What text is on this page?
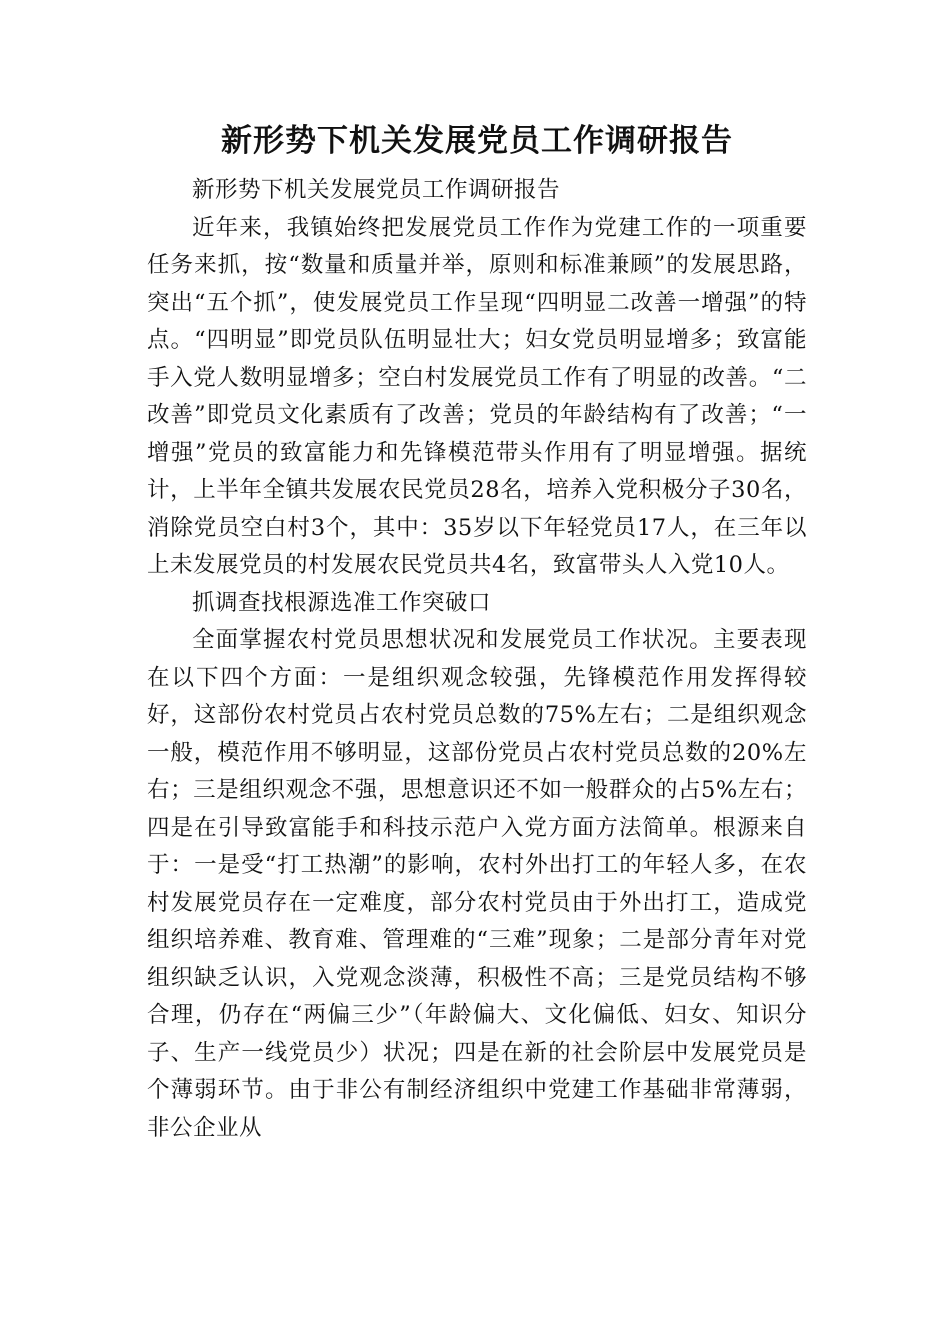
新形势下机关发展党员工作调研报告

新形势下机关发展党员工作调研报告

近年来，我镇始终把发展党员工作作为党建工作的一项重要任务来抓，按“数量和质量并举，原则和标准兼顾”的发展思路，突出“五个抓”，使发展党员工作呈现“四明显二改善一增强”的特点。“四明显”即党员队伍明显壮大；妇女党员明显增多；致富能手入党人数明显增多；空白村发展党员工作有了明显的改善。“二改善”即党员文化素质有了改善；党员的年龄结构有了改善；“一增强”党员的致富能力和先锋模范带头作用有了明显增强。据统计，上半年全镇共发展农民党员28名，培养入党积极分子30名，消除党员空白村3个，其中：35岁以下年轻党员17人，在三年以上未发展党员的村发展农民党员共4名，致富带头人入党10人。

抓调查找根源选准工作突破口

全面掌握农村党员思想状况和发展党员工作状况。主要表现在以下四个方面：一是组织观念较强，先锋模范作用发挥得较好，这部份农村党员占农村党员总数的75%左右；二是组织观念一般，模范作用不够明显，这部份党员占农村党员总数的20%左右；三是组织观念不强，思想意识还不如一般群众的占5%左右；四是在引导致富能手和科技示范户入党方面方法简单。根源来自于：一是受“打工热潮”的影响，农村外出打工的年轻人多，在农村发展党员存在一定难度，部分农村党员由于外出打工，造成党组织培养难、教育难、管理难的“三难”现象；二是部分青年对党组织缺乏认识，入党观念淡薄，积极性不高；三是党员结构不够合理，仍存在“两偏三少”（年龄偏大、文化偏低、妇女、知识分子、生产一线党员少）状况；四是在新的社会阶层中发展党员是个薄弱环节。由于非公有制经济组织中党建工作基础非常薄弱，非公企业从
